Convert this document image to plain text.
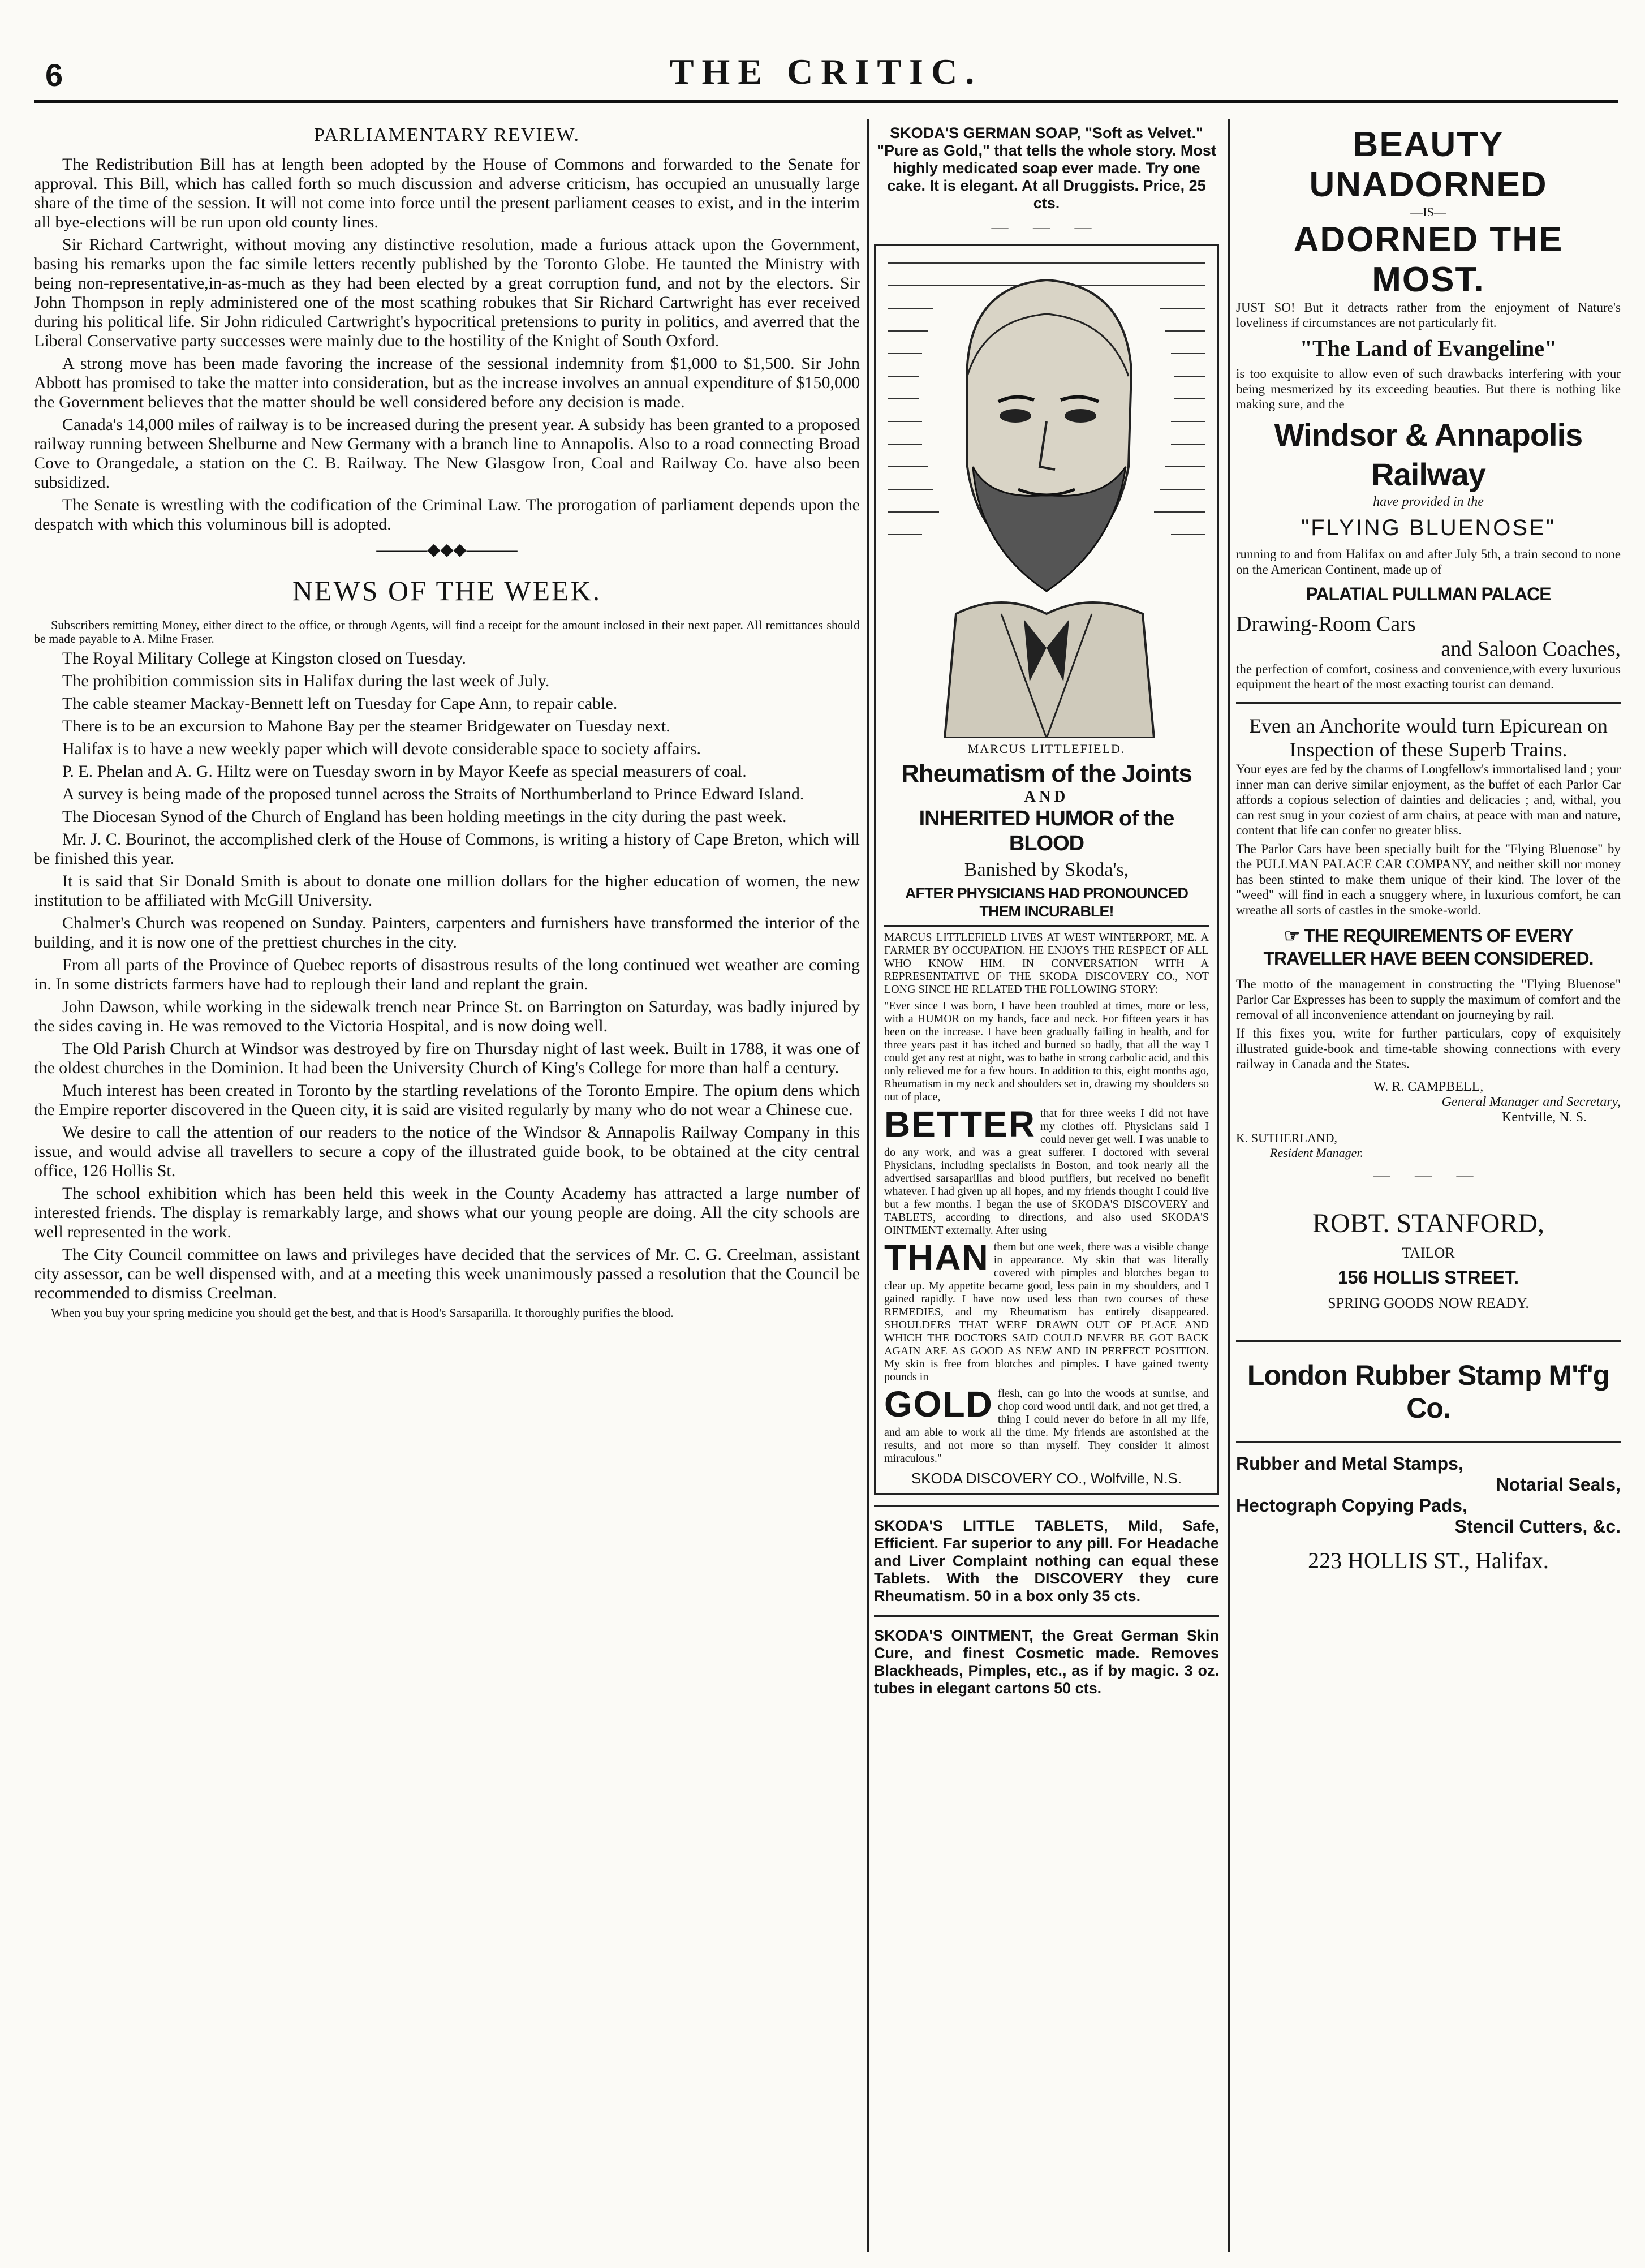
6	THE CRITIC.
PARLIAMENTARY REVIEW.

The Redistribution Bill has at length been adopted by the House of Commons and forwarded to the Senate for approval. This Bill, which has called forth so much discussion and adverse criticism, has occupied an unusually large share of the time of the session. It will not come into force until the present parliament ceases to exist, and in the interim all bye-elections will be run upon old county lines.

Sir Richard Cartwright, without moving any distinctive resolution, made a furious attack upon the Government, basing his remarks upon the fac simile letters recently published by the Toronto Globe. He taunted the Ministry with being non-representative,in-as-much as they had been elected by a great corruption fund, and not by the electors. Sir John Thompson in reply administered one of the most scathing robukes that Sir Richard Cartwright has ever received during his political life. Sir John ridiculed Cartwright's hypocritical pretensions to purity in politics, and averred that the Liberal Conservative party successes were mainly due to the hostility of the Knight of South Oxford.

A strong move has been made favoring the increase of the sessional indemnity from $1,000 to $1,500. Sir John Abbott has promised to take the matter into consideration, but as the increase involves an annual expenditure of $150,000 the Government believes that the matter should be well considered before any decision is made.

Canada's 14,000 miles of railway is to be increased during the present year. A subsidy has been granted to a proposed railway running between Shelburne and New Germany with a branch line to Annapolis. Also to a road connecting Broad Cove to Orangedale, a station on the C. B. Railway. The New Glasgow Iron, Coal and Railway Co. have also been subsidized.

The Senate is wrestling with the codification of the Criminal Law. The prorogation of parliament depends upon the despatch with which this voluminous bill is adopted.

———◆◆◆———
NEWS OF THE WEEK.

Subscribers remitting Money, either direct to the office, or through Agents, will find a receipt for the amount inclosed in their next paper. All remittances should be made payable to A. Milne Fraser.

The Royal Military College at Kingston closed on Tuesday.

The prohibition commission sits in Halifax during the last week of July.

The cable steamer Mackay-Bennett left on Tuesday for Cape Ann, to repair cable.

There is to be an excursion to Mahone Bay per the steamer Bridgewater on Tuesday next.

Halifax is to have a new weekly paper which will devote considerable space to society affairs.

P. E. Phelan and A. G. Hiltz were on Tuesday sworn in by Mayor Keefe as special measurers of coal.

A survey is being made of the proposed tunnel across the Straits of Northumberland to Prince Edward Island.

The Diocesan Synod of the Church of England has been holding meetings in the city during the past week.

Mr. J. C. Bourinot, the accomplished clerk of the House of Commons, is writing a history of Cape Breton, which will be finished this year.

It is said that Sir Donald Smith is about to donate one million dollars for the higher education of women, the new institution to be affiliated with McGill University.

Chalmer's Church was reopened on Sunday. Painters, carpenters and furnishers have transformed the interior of the building, and it is now one of the prettiest churches in the city.

From all parts of the Province of Quebec reports of disastrous results of the long continued wet weather are coming in. In some districts farmers have had to replough their land and replant the grain.

John Dawson, while working in the sidewalk trench near Prince St. on Barrington on Saturday, was badly injured by the sides caving in. He was removed to the Victoria Hospital, and is now doing well.

The Old Parish Church at Windsor was destroyed by fire on Thursday night of last week. Built in 1788, it was one of the oldest churches in the Dominion. It had been the University Church of King's College for more than half a century.

Much interest has been created in Toronto by the startling revelations of the Toronto Empire. The opium dens which the Empire reporter discovered in the Queen city, it is said are visited regularly by many who do not wear a Chinese cue.

We desire to call the attention of our readers to the notice of the Windsor & Annapolis Railway Company in this issue, and would advise all travellers to secure a copy of the illustrated guide book, to be obtained at the city central office, 126 Hollis St.

The school exhibition which has been held this week in the County Academy has attracted a large number of interested friends. The display is remarkably large, and shows what our young people are doing. All the city schools are well represented in the work.

The City Council committee on laws and privileges have decided that the services of Mr. C. G. Creelman, assistant city assessor, can be well dispensed with, and at a meeting this week unanimously passed a resolution that the Council be recommended to dismiss Creelman.

When you buy your spring medicine you should get the best, and that is Hood's Sarsaparilla. It thoroughly purifies the blood.

SKODA'S GERMAN SOAP, "Soft as Velvet." "Pure as Gold," that tells the whole story. Most highly medicated soap ever made. Try one cake. It is elegant. At all Druggists. Price, 25 cts.

— — —
MARCUS LITTLEFIELD.
Rheumatism of the Joints
AND
INHERITED HUMOR of the BLOOD
Banished by Skoda's,
AFTER PHYSICIANS HAD PRONOUNCED THEM INCURABLE!

MARCUS LITTLEFIELD LIVES AT WEST WINTERPORT, ME. A FARMER BY OCCUPATION. HE ENJOYS THE RESPECT OF ALL WHO KNOW HIM. IN CONVERSATION WITH A REPRESENTATIVE OF THE SKODA DISCOVERY CO., NOT LONG SINCE HE RELATED THE FOLLOWING STORY:

"Ever since I was born, I have been troubled at times, more or less, with a HUMOR on my hands, face and neck. For fifteen years it has been on the increase. I have been gradually failing in health, and for three years past it has itched and burned so badly, that all the way I could get any rest at night, was to bathe in strong carbolic acid, and this only relieved me for a few hours. In addition to this, eight months ago, Rheumatism in my neck and shoulders set in, drawing my shoulders so out of place,

BETTER that for three weeks I did not have my clothes off. Physicians said I could never get well. I was unable to do any work, and was a great sufferer. I doctored with several Physicians, including specialists in Boston, and took nearly all the advertised sarsaparillas and blood purifiers, but received no benefit whatever. I had given up all hopes, and my friends thought I could live but a few months. I began the use of SKODA'S DISCOVERY and TABLETS, according to directions, and also used SKODA'S OINTMENT externally. After using

THAN them but one week, there was a visible change in appearance. My skin that was literally covered with pimples and blotches began to clear up. My appetite became good, less pain in my shoulders, and I gained rapidly. I have now used less than two courses of these REMEDIES, and my Rheumatism has entirely disappeared. SHOULDERS THAT WERE DRAWN OUT OF PLACE AND WHICH THE DOCTORS SAID COULD NEVER BE GOT BACK AGAIN ARE AS GOOD AS NEW AND IN PERFECT POSITION. My skin is free from blotches and pimples. I have gained twenty pounds in

GOLD flesh, can go into the woods at sunrise, and chop cord wood until dark, and not get tired, a thing I could never do before in all my life, and am able to work all the time. My friends are astonished at the results, and not more so than myself. They consider it almost miraculous."

SKODA DISCOVERY CO., Wolfville, N.S.

SKODA'S LITTLE TABLETS, Mild, Safe, Efficient. Far superior to any pill. For Headache and Liver Complaint nothing can equal these Tablets. With the DISCOVERY they cure Rheumatism. 50 in a box only 35 cts.

SKODA'S OINTMENT, the Great German Skin Cure, and finest Cosmetic made. Removes Blackheads, Pimples, etc., as if by magic. 3 oz. tubes in elegant cartons 50 cts.

BEAUTY UNADORNED
—IS—
ADORNED THE MOST.

JUST SO! But it detracts rather from the enjoyment of Nature's loveliness if circumstances are not particularly fit.

"The Land of Evangeline"

is too exquisite to allow even of such drawbacks interfering with your being mesmerized by its exceeding beauties. But there is nothing like making sure, and the

Windsor & Annapolis Railway
have provided in the
"FLYING BLUENOSE"

running to and from Halifax on and after July 5th, a train second to none on the American Continent, made up of

PALATIAL PULLMAN PALACE
Drawing-Room Cars
and Saloon Coaches,

the perfection of comfort, cosiness and convenience,with every luxurious equipment the heart of the most exacting tourist can demand.

Even an Anchorite would turn Epicurean on Inspection of these Superb Trains.

Your eyes are fed by the charms of Longfellow's immortalised land ; your inner man can derive similar enjoyment, as the buffet of each Parlor Car affords a copious selection of dainties and delicacies ; and, withal, you can rest snug in your coziest of arm chairs, at peace with man and nature, content that life can confer no greater bliss.

The Parlor Cars have been specially built for the "Flying Bluenose" by the PULLMAN PALACE CAR COMPANY, and neither skill nor money has been stinted to make them unique of their kind. The lover of the "weed" will find in each a snuggery where, in luxurious comfort, he can wreathe all sorts of castles in the smoke-world.

☞ THE REQUIREMENTS OF EVERY TRAVELLER HAVE BEEN CONSIDERED.

The motto of the management in constructing the "Flying Bluenose" Parlor Car Expresses has been to supply the maximum of comfort and the removal of all inconvenience attendant on journeying by rail.

If this fixes you, write for further particulars, copy of exquisitely illustrated guide-book and time-table showing connections with every railway in Canada and the States.

W. R. CAMPBELL,
General Manager and Secretary,
Kentville, N. S.
K. SUTHERLAND,
Resident Manager.
— — —
ROBT. STANFORD,
TAILOR
156 HOLLIS STREET.
SPRING GOODS NOW READY.
London Rubber Stamp M'f'g Co.
Rubber and Metal Stamps,
Notarial Seals,
Hectograph Copying Pads,
Stencil Cutters, &c.
223 HOLLIS ST., Halifax.
